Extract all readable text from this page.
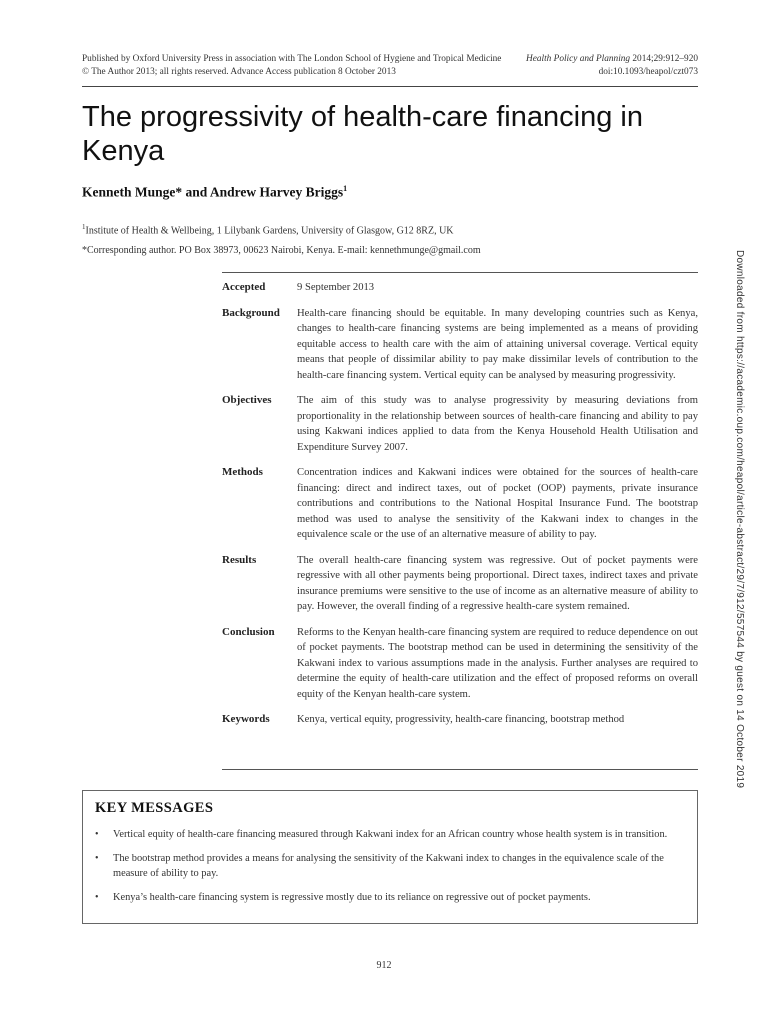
Published by Oxford University Press in association with The London School of Hygiene and Tropical Medicine
© The Author 2013; all rights reserved. Advance Access publication 8 October 2013
Health Policy and Planning 2014;29:912–920
doi:10.1093/heapol/czt073
The progressivity of health-care financing in Kenya
Kenneth Munge* and Andrew Harvey Briggs$^1$
$^1$Institute of Health & Wellbeing, 1 Lilybank Gardens, University of Glasgow, G12 8RZ, UK
*Corresponding author. PO Box 38973, 00623 Nairobi, Kenya. E-mail: kennethmunge@gmail.com
Accepted	9 September 2013
Background	Health-care financing should be equitable. In many developing countries such as Kenya, changes to health-care financing systems are being implemented as a means of providing equitable access to health care with the aim of attaining universal coverage. Vertical equity means that people of dissimilar ability to pay make dissimilar levels of contribution to the health-care financing system. Vertical equity can be analysed by measuring progressivity.
Objectives	The aim of this study was to analyse progressivity by measuring deviations from proportionality in the relationship between sources of health-care financing and ability to pay using Kakwani indices applied to data from the Kenya Household Health Utilisation and Expenditure Survey 2007.
Methods	Concentration indices and Kakwani indices were obtained for the sources of health-care financing: direct and indirect taxes, out of pocket (OOP) payments, private insurance contributions and contributions to the National Hospital Insurance Fund. The bootstrap method was used to analyse the sensitivity of the Kakwani index to changes in the equivalence scale or the use of an alternative measure of ability to pay.
Results	The overall health-care financing system was regressive. Out of pocket payments were regressive with all other payments being proportional. Direct taxes, indirect taxes and private insurance premiums were sensitive to the use of income as an alternative measure of ability to pay. However, the overall finding of a regressive health-care system remained.
Conclusion	Reforms to the Kenyan health-care financing system are required to reduce dependence on out of pocket payments. The bootstrap method can be used in determining the sensitivity of the Kakwani index to various assumptions made in the analysis. Further analyses are required to determine the equity of health-care utilization and the effect of proposed reforms on overall equity of the Kenyan health-care system.
Keywords	Kenya, vertical equity, progressivity, health-care financing, bootstrap method
KEY MESSAGES
• Vertical equity of health-care financing measured through Kakwani index for an African country whose health system is in transition.
• The bootstrap method provides a means for analysing the sensitivity of the Kakwani index to changes in the equivalence scale of the measure of ability to pay.
• Kenya’s health-care financing system is regressive mostly due to its reliance on regressive out of pocket payments.
Downloaded from https://academic.oup.com/heapol/article-abstract/29/7/912/557544 by guest on 14 October 2019
912
